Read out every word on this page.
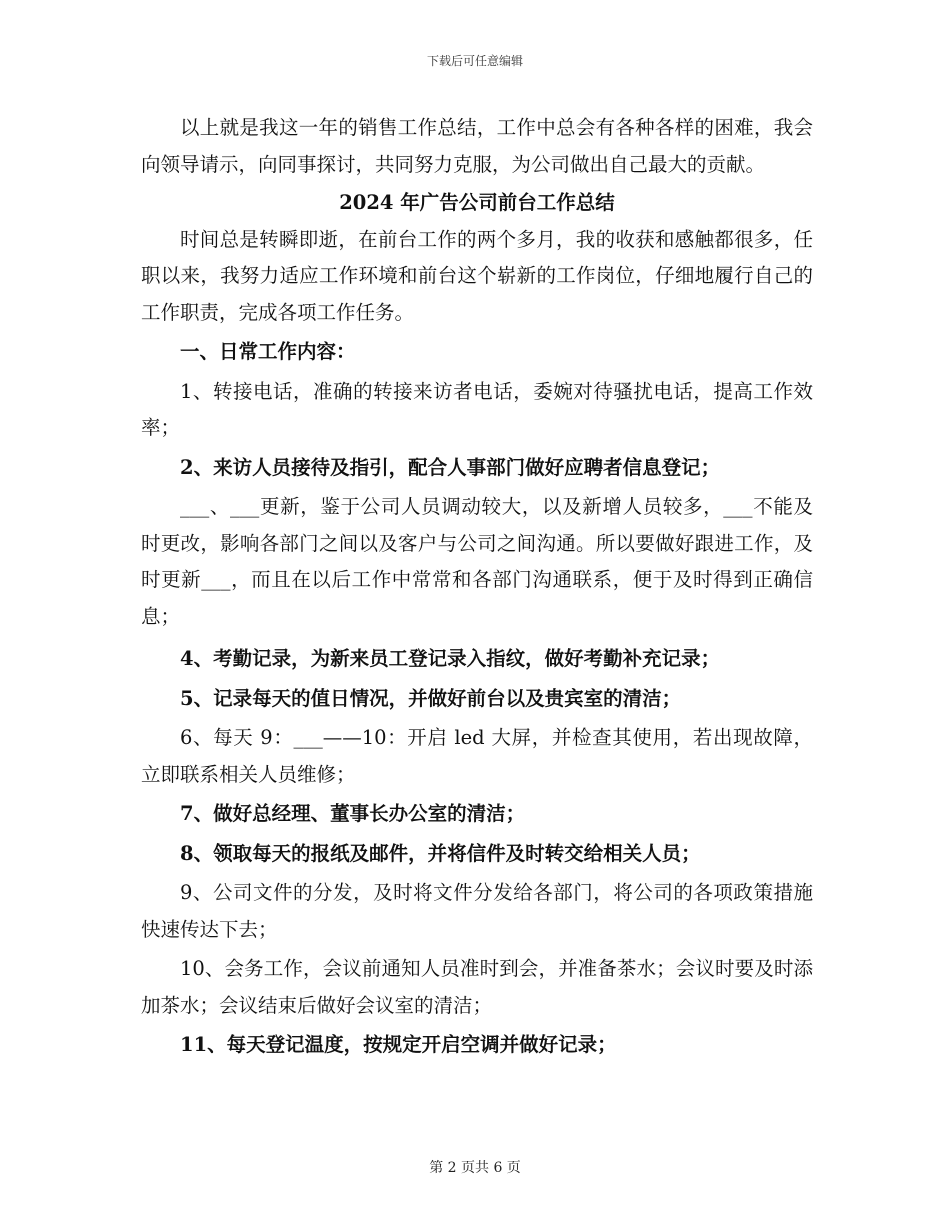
下载后可任意编辑

以上就是我这一年的销售工作总结，工作中总会有各种各样的困难，我会向领导请示，向同事探讨，共同努力克服，为公司做出自己最大的贡献。

2024 年广告公司前台工作总结

时间总是转瞬即逝，在前台工作的两个多月，我的收获和感触都很多，任职以来，我努力适应工作环境和前台这个崭新的工作岗位，仔细地履行自己的工作职责，完成各项工作任务。

一、日常工作内容：

1、转接电话，准确的转接来访者电话，委婉对待骚扰电话，提高工作效率；

2、来访人员接待及指引，配合人事部门做好应聘者信息登记；

___、___更新，鉴于公司人员调动较大，以及新增人员较多，___不能及时更改，影响各部门之间以及客户与公司之间沟通。所以要做好跟进工作，及时更新___，而且在以后工作中常常和各部门沟通联系，便于及时得到正确信息；

4、考勤记录，为新来员工登记录入指纹，做好考勤补充记录；

5、记录每天的值日情况，并做好前台以及贵宾室的清洁；

6、每天 9：___——10：开启 led 大屏，并检查其使用，若出现故障，立即联系相关人员维修；

7、做好总经理、董事长办公室的清洁；

8、领取每天的报纸及邮件，并将信件及时转交给相关人员；

9、公司文件的分发，及时将文件分发给各部门，将公司的各项政策措施快速传达下去；

10、会务工作，会议前通知人员准时到会，并准备茶水；会议时要及时添加茶水；会议结束后做好会议室的清洁；

11、每天登记温度，按规定开启空调并做好记录；

第 2 页共 6 页
